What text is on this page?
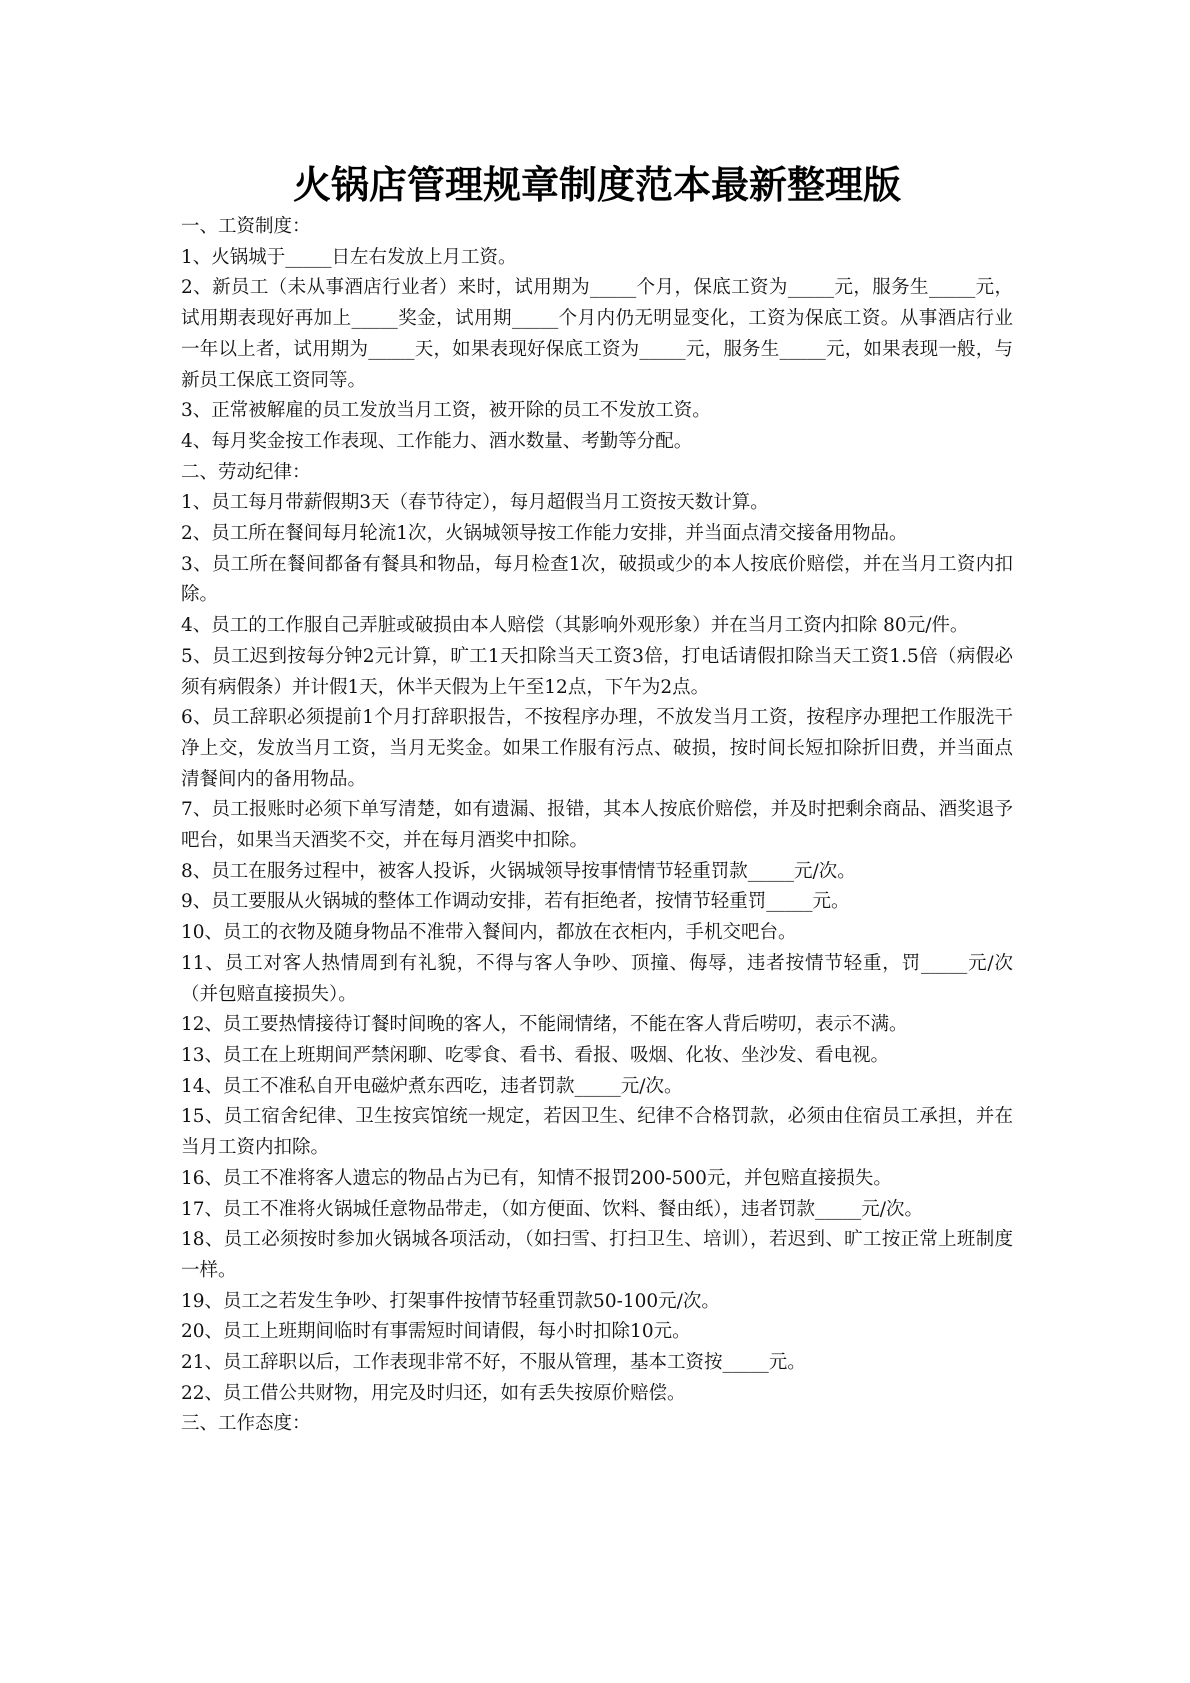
火锅店管理规章制度范本最新整理版

一、工资制度：

1、火锅城于_____日左右发放上月工资。

2、新员工（未从事酒店行业者）来时，试用期为_____个月，保底工资为_____元，服务生_____元，试用期表现好再加上_____奖金，试用期_____个月内仍无明显变化，工资为保底工资。从事酒店行业一年以上者，试用期为_____天，如果表现好保底工资为_____元，服务生_____元，如果表现一般，与新员工保底工资同等。

3、正常被解雇的员工发放当月工资，被开除的员工不发放工资。

4、每月奖金按工作表现、工作能力、酒水数量、考勤等分配。

二、劳动纪律：

1、员工每月带薪假期3天（春节待定），每月超假当月工资按天数计算。

2、员工所在餐间每月轮流1次，火锅城领导按工作能力安排，并当面点清交接备用物品。

3、员工所在餐间都备有餐具和物品，每月检查1次，破损或少的本人按底价赔偿，并在当月工资内扣除。

4、员工的工作服自己弄脏或破损由本人赔偿（其影响外观形象）并在当月工资内扣除 80元/件。

5、员工迟到按每分钟2元计算，旷工1天扣除当天工资3倍，打电话请假扣除当天工资1.5倍（病假必须有病假条）并计假1天，休半天假为上午至12点，下午为2点。

6、员工辞职必须提前1个月打辞职报告，不按程序办理，不放发当月工资，按程序办理把工作服洗干净上交，发放当月工资，当月无奖金。如果工作服有污点、破损，按时间长短扣除折旧费，并当面点清餐间内的备用物品。

7、员工报账时必须下单写清楚，如有遗漏、报错，其本人按底价赔偿，并及时把剩余商品、酒奖退予吧台，如果当天酒奖不交，并在每月酒奖中扣除。

8、员工在服务过程中，被客人投诉，火锅城领导按事情情节轻重罚款_____元/次。

9、员工要服从火锅城的整体工作调动安排，若有拒绝者，按情节轻重罚_____元。

10、员工的衣物及随身物品不准带入餐间内，都放在衣柜内，手机交吧台。

11、员工对客人热情周到有礼貌，不得与客人争吵、顶撞、侮辱，违者按情节轻重，罚_____元/次（并包赔直接损失）。

12、员工要热情接待订餐时间晚的客人，不能闹情绪，不能在客人背后唠叨，表示不满。

13、员工在上班期间严禁闲聊、吃零食、看书、看报、吸烟、化妆、坐沙发、看电视。

14、员工不准私自开电磁炉煮东西吃，违者罚款_____元/次。

15、员工宿舍纪律、卫生按宾馆统一规定，若因卫生、纪律不合格罚款，必须由住宿员工承担，并在当月工资内扣除。

16、员工不准将客人遗忘的物品占为已有，知情不报罚200-500元，并包赔直接损失。

17、员工不准将火锅城任意物品带走，（如方便面、饮料、餐由纸），违者罚款_____元/次。

18、员工必须按时参加火锅城各项活动，（如扫雪、打扫卫生、培训），若迟到、旷工按正常上班制度一样。

19、员工之若发生争吵、打架事件按情节轻重罚款50-100元/次。

20、员工上班期间临时有事需短时间请假，每小时扣除10元。

21、员工辞职以后，工作表现非常不好，不服从管理，基本工资按_____元。

22、员工借公共财物，用完及时归还，如有丢失按原价赔偿。

三、工作态度：
